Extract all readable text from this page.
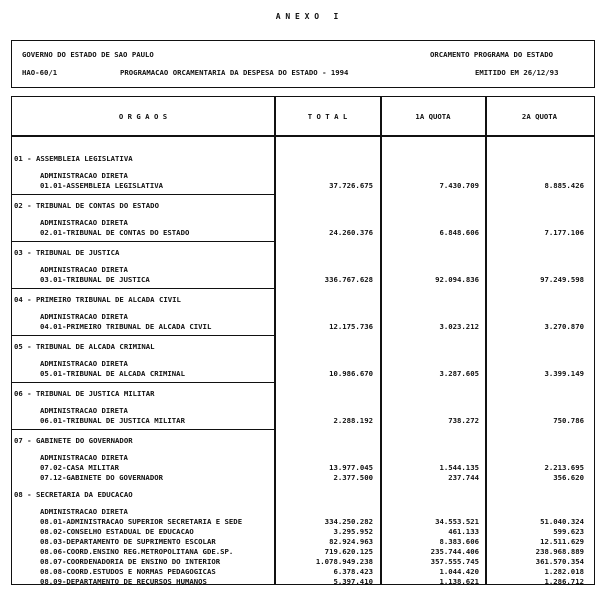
A N E X O   I
GOVERNO DO ESTADO DE SAO PAULO	ORCAMENTO PROGRAMA DO ESTADO
HAO-60/1	PROGRAMACAO ORCAMENTARIA DA DESPESA DO ESTADO - 1994	EMITIDO EM 26/12/93
O R G A O S	T O T A L	1A QUOTA	2A QUOTA
01 - ASSEMBLEIA LEGISLATIVA
ADMINISTRACAO DIRETA
01.01-ASSEMBLEIA LEGISLATIVA	37.726.675	7.430.709	8.885.426
02 - TRIBUNAL DE CONTAS DO ESTADO
ADMINISTRACAO DIRETA
02.01-TRIBUNAL DE CONTAS DO ESTADO	24.260.376	6.848.606	7.177.106
03 - TRIBUNAL DE JUSTICA
ADMINISTRACAO DIRETA
03.01-TRIBUNAL DE JUSTICA	336.767.628	92.094.836	97.249.598
04 - PRIMEIRO TRIBUNAL DE ALCADA CIVIL
ADMINISTRACAO DIRETA
04.01-PRIMEIRO TRIBUNAL DE ALCADA CIVIL	12.175.736	3.023.212	3.270.870
05 - TRIBUNAL DE ALCADA CRIMINAL
ADMINISTRACAO DIRETA
05.01-TRIBUNAL DE ALCADA CRIMINAL	10.986.670	3.287.605	3.399.149
06 - TRIBUNAL DE JUSTICA MILITAR
ADMINISTRACAO DIRETA
06.01-TRIBUNAL DE JUSTICA MILITAR	2.288.192	738.272	750.786
07 - GABINETE DO GOVERNADOR
ADMINISTRACAO DIRETA
07.02-CASA MILITAR	13.977.045	1.544.135	2.213.695
07.12-GABINETE DO GOVERNADOR	2.377.500	237.744	356.620
08 - SECRETARIA DA EDUCACAO
ADMINISTRACAO DIRETA
08.01-ADMINISTRACAO SUPERIOR SECRETARIA E SEDE	334.250.282	34.553.521	51.040.324
08.02-CONSELHO ESTADUAL DE EDUCACAO	3.295.952	461.133	599.623
08.03-DEPARTAMENTO DE SUPRIMENTO ESCOLAR	82.924.963	8.383.606	12.511.629
08.06-COORD.ENSINO REG.METROPOLITANA GDE.SP.	719.620.125	235.744.406	238.968.889
08.07-COORDENADORIA DE ENSINO DO INTERIOR	1.078.949.238	357.555.745	361.570.354
08.08-COORD.ESTUDOS E NORMAS PEDAGOGICAS	6.378.423	1.044.420	1.282.018
08.09-DEPARTAMENTO DE RECURSOS HUMANOS	5.397.410	1.138.621	1.286.712
